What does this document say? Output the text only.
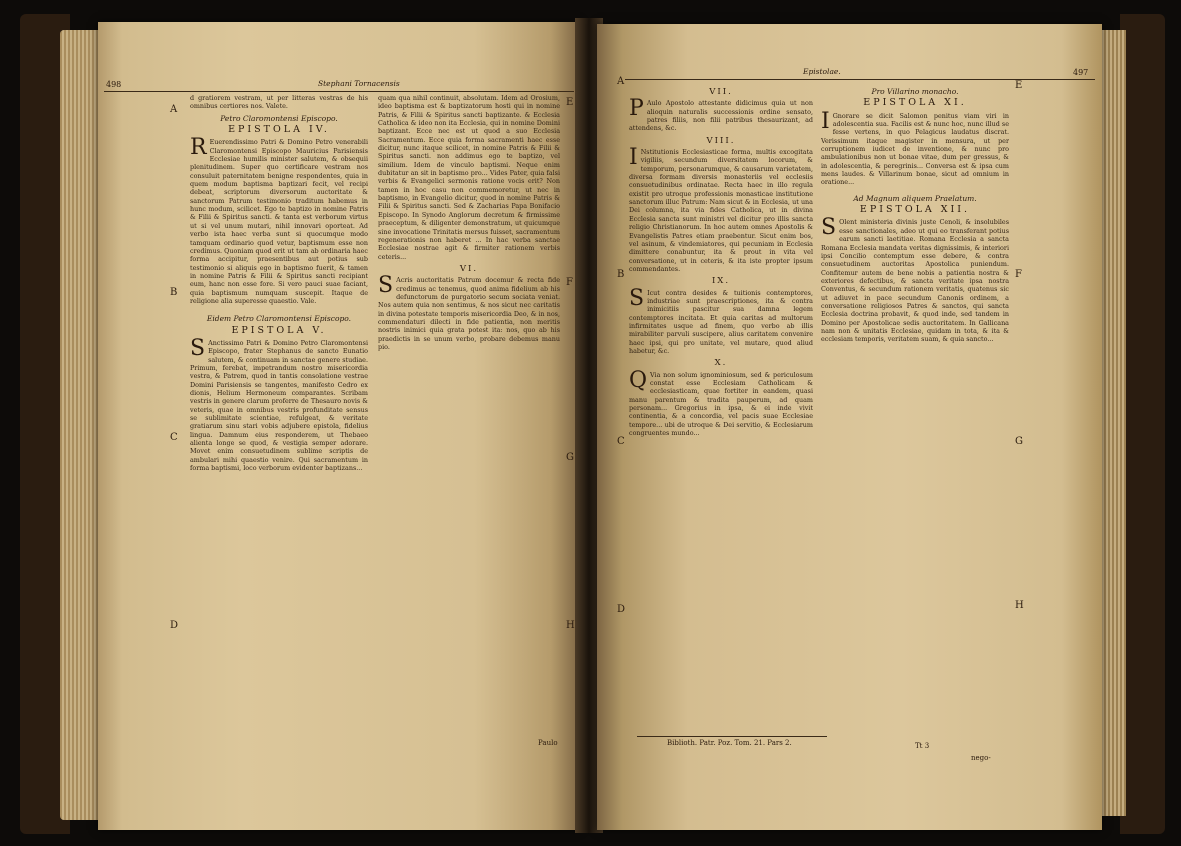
498	Stephani Tornacensis
A
B
C
D
E
F
G
H
d gratiorem vestram, ut per litteras vestras de his omnibus certiores nos. Valete.
Petro Claromontensi Episcopo.
EPISTOLA IV.
R Euerendissimo Patri & Domino Petro venerabili Claromontensi Episcopo Mauricius Parisiensis Ecclesiae humilis minister salutem, & obsequii plenitudinem. Super quo certificare vestram nos consuluit paternitatem benigne respondentes, quia in quem modum baptisma baptizari fecit, vel recipi debeat, scriptorum diversorum auctoritate & sanctorum Patrum testimonio traditum habemus in hunc modum, scilicet. Ego te baptizo in nomine Patris & Filii & Spiritus sancti. & tanta est verborum virtus ut si vel unum mutari, nihil innovari oporteat. Ad verbo ista haec verba sunt si quocumque modo tamquam ordinario quod vetur, baptismum esse non credimus. Quoniam quod erit ut tam ab ordinaria haec forma accipitur, praesentibus aut potius sub testimonio si aliquis ego in baptismo fuerit, & tamen in nomine Patris & Filii & Spiritus sancti recipiant eum, hanc non esse fore. Si vero pauci suae faciant, quia baptismum numquam suscepit. Itaque de religione alia superesse quaestio. Vale.
Eidem Petro Claromontensi Episcopo.
EPISTOLA V.
S Anctissimo Patri & Domino Petro Claromontensi Episcopo, frater Stephanus de sancto Eunatio salutem, & continuam in sanctae genere studiae. Primum, ferebat, impetrandum nostro misericordia vestra, & Patrem, quod in tantis consolatione vestrae Domini Parisiensis se tangentes, manifesto Cedro ex dionis, Helium Hermoneum comparantes. Scribam vestris in genere clarum proferre de Thesauro novis & veteris, quae in omnibus vestris profunditate sensus se sublimitate scientiae, refulgeat, & veritate gratiarum sinu stari vobis adjubere epistola, fidelius lingua. Damnum eius responderem, ut Thebaeo alienta longe se quod, & vestigia semper adorare. Movet enim consuetudinem sublime scriptis de ambulari mihi quaestio venire. Qui sacramentum in forma baptismi, loco verborum evidenter baptizans...
quam qua nihil continuit, absolutam. Idem ad Orosium, ideo baptisma est & baptizatorum hosti qui in nomine Patris, & Filii & Spiritus sancti baptizante. & Ecclesia Catholica & ideo non ita Ecclesia, qui in nomine Domini baptizant. Ecce nec est ut quod a suo Ecclesia Sacramentum. Ecce quia forma sacramenti haec esse dicitur, nunc itaque scilicet, in nomine Patris & Filii & Spiritus sancti. non addimus ego te baptizo, vel similium. Idem de vinculo baptismi. Neque enim dubitatur an sit in baptismo pro... Vides Pater, quia falsi verbis & Evangelici sermonis ratione vocis erit? Non tamen in hoc casu non commemoretur, ut nec in baptismo, in Evangelio dicitur, quod in nomine Patris & Filii & Spiritus sancti. Sed & Zacharias Papa Bonifacio Episcopo. In Synodo Anglorum decretum & firmissime praeceptum, & diligenter demonstratum, ut quicumque sine invocatione Trinitatis mersus fuisset, sacramentum regenerationis non haberet ... In hac verba sanctae Ecclesiae nostrae agit & firmiter rationem verbis ceteris...
VI.
S Acris auctoritatis Patrum docemur & recta fide credimus ac tenemus, quod anima fidelium ab his defunctorum de purgatorio secum sociata veniat. Nos autem quia non sentimus, & nos sicut nec caritatis in divina potestate temporis misericordia Deo, & in nos, commendaturi dilecti in fide patientia, non meritis nostris inimici quia grata potest ita: nos, quo ab his praedictis in se unum verbo, probare debemus manu pio.
Paulo
Epistolae.	497
A
B
C
D
E
F
G
H
VII.
P Aulo Apostolo attestante didicimus quia ut non alioquin naturalis successionis ordine sensato, patres filiis, non filii patribus thesaurizant, ad attendens, &c.
VIII.
I Nstitutionis Ecclesiasticae forma, multis excogitata vigiliis, secundum diversitatem locorum, & temporum, personarumque, & causarum varietatem, diversa formam diversis monasteriis vel ecclesiis consuetudinibus ordinatae. Recta haec in illo regula existit pro utroque professionis monasticae institutione sanctorum illuc Patrum: Nam sicut & in Ecclesia, ut una Dei columna, ita via fides Catholica, ut in divina Ecclesia sancta sunt ministri vel dicitur pro illis sancta religio Christianorum. In hoc autem omnes Apostolis & Evangelistis Patres etiam praebentur. Sicut enim bos, vel asinum, & vindemiatores, qui pecuniam in Ecclesia dimittere conabuntur, ita & prout in vita vel conversatione, ut in ceteris, & ita iste propter ipsum commendantes.
IX.
S Icut contra desides & tuitionis contemptores, industriae sunt praescriptiones, ita & contra inimicitiis pascitur sua damna legem contemptores incitata. Et quia caritas ad multorum infirmitates usque ad finem, quo verbo ab illis mirabiliter parvuli suscipere, alius caritatem convenire haec ipsi, qui pro unitate, vel mutare, quod aliud habetur, &c.
X.
Q Via non solum ignominiosum, sed & periculosum constat esse Ecclesiam Catholicam & ecclesiasticam, quae fortiter in eandem, quasi manu parentum & tradita pauperum, ad quam personam... Gregorius in ipsa, & ei inde vivit continentia, & a concordia, vel pacis suae Ecclesiae tempore... ubi de utroque & Dei servitio, & Ecclesiarum congruentes mundo...
Pro Villarino monacho.
EPISTOLA XI.
I Gnorare se dicit Salomon penitus viam viri in adolescentia sua. Facilis est & nunc hoc, nunc illud se fesse vertens, in quo Pelagicus laudatus discrat. Verissimum itaque magister in mensura, ut per corruptionem iudicet de inventione, & nunc pro ambulationibus non ut bonae vitae, dum per gressus, & in adolescentia, & peregrinis... Conversa est & ipsa cum mens laudes. & Villarinum bonae, sicut ad omnium in oratione...
Ad Magnum aliquem Praelatum.
EPISTOLA XII.
S Olent ministeria divinis juste Cenoli, & insolubiles esse sanctionales, adeo ut qui eo transferant potius earum sancti laetitiae. Romana Ecclesia a sancta Romana Ecclesia mandata veritas dignissimis, & interiori ipsi Concilio contemptum esse debere, & contra consuetudinem auctoritas Apostolica puniendum. Confitemur autem de bene nobis a patientia nostra & exteriores defectibus, & sancta veritate ipsa nostra Conventus, & secundum rationem veritatis, quatenus sic ut adiuvet in pace secundum Canonis ordinem, a conversatione religiosos Patres & sanctos, qui sancta Ecclesia doctrina probavit, & quod inde, sed tandem in Domino per Apostolicae sedis auctoritatem. In Gallicana nam non & unitatis Ecclesiae, quidam in tota, & ita & ecclesiam temporis, veritatem suam, & quia sancto...
Biblioth. Patr. Poz. Tom. 21. Pars 2.	Tt 3
nego-
